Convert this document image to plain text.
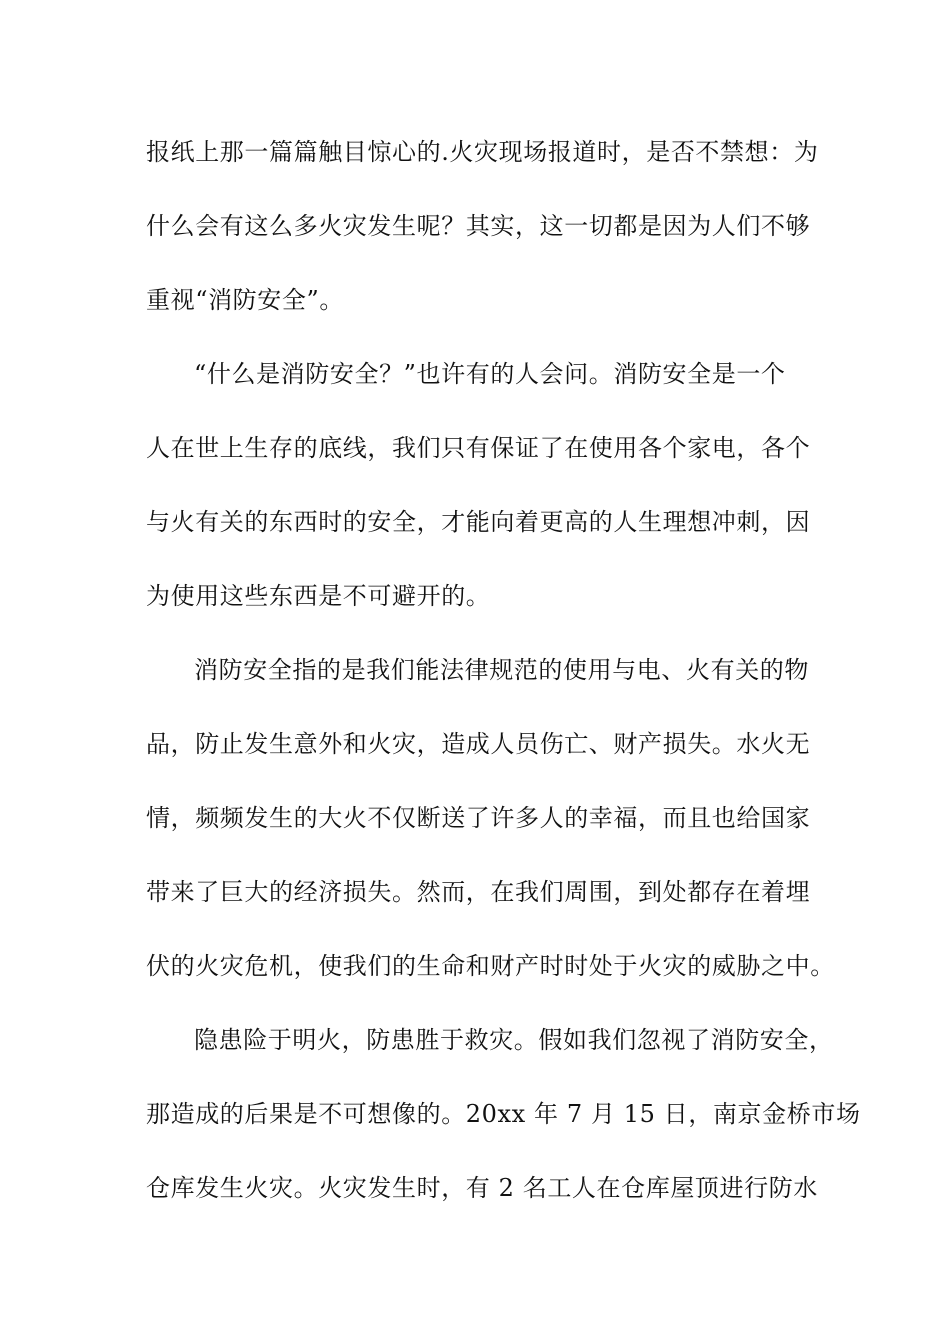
报纸上那一篇篇触目惊心的.火灾现场报道时，是否不禁想：为
什么会有这么多火灾发生呢？其实，这一切都是因为人们不够
重视“消防安全”。
“什么是消防安全？”也许有的人会问。消防安全是一个
人在世上生存的底线，我们只有保证了在使用各个家电，各个
与火有关的东西时的安全，才能向着更高的人生理想冲刺，因
为使用这些东西是不可避开的。
消防安全指的是我们能法律规范的使用与电、火有关的物
品，防止发生意外和火灾，造成人员伤亡、财产损失。水火无
情，频频发生的大火不仅断送了许多人的幸福，而且也给国家
带来了巨大的经济损失。然而，在我们周围，到处都存在着埋
伏的火灾危机，使我们的生命和财产时时处于火灾的威胁之中。
隐患险于明火，防患胜于救灾。假如我们忽视了消防安全，
那造成的后果是不可想像的。20xx 年 7 月 15 日，南京金桥市场
仓库发生火灾。火灾发生时，有 2 名工人在仓库屋顶进行防水
